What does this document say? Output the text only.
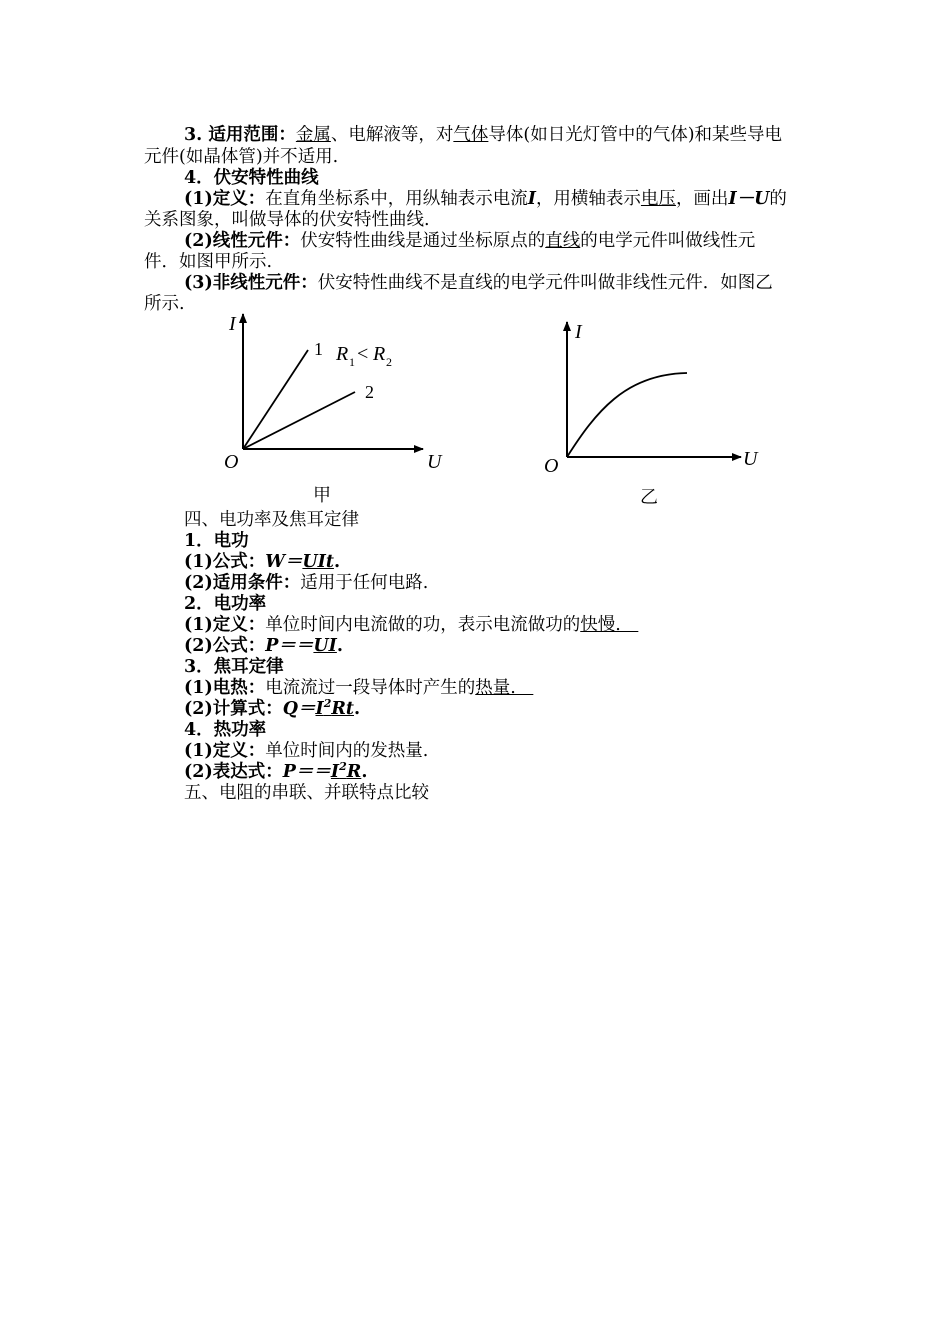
3. 适用范围：金属、电解液等，对气体导体(如日光灯管中的气体)和某些导电
元件(如晶体管)并不适用.
4．伏安特性曲线
(1)定义：在直角坐标系中，用纵轴表示电流I，用横轴表示电压，画出I－U的
关系图象，叫做导体的伏安特性曲线.
(2)线性元件：伏安特性曲线是通过坐标原点的直线的电学元件叫做线性元
件．如图甲所示.
(3)非线性元件：伏安特性曲线不是直线的电学元件叫做非线性元件．如图乙
所示.
I
U
O
1
2
R 1 < R 2
甲
I
U
O
乙
四、电功率及焦耳定律
1．电功
(1)公式：W＝UIt.
(2)适用条件：适用于任何电路.
2．电功率
(1)定义：单位时间内电流做的功，表示电流做功的快慢.　
(2)公式：P＝＝UI.
3．焦耳定律
(1)电热：电流流过一段导体时产生的热量.　
(2)计算式：$Q=I^2Rt$.
4．热功率
(1)定义：单位时间内的发热量.
(2)表达式：$P==I^2R$.
五、电阻的串联、并联特点比较
